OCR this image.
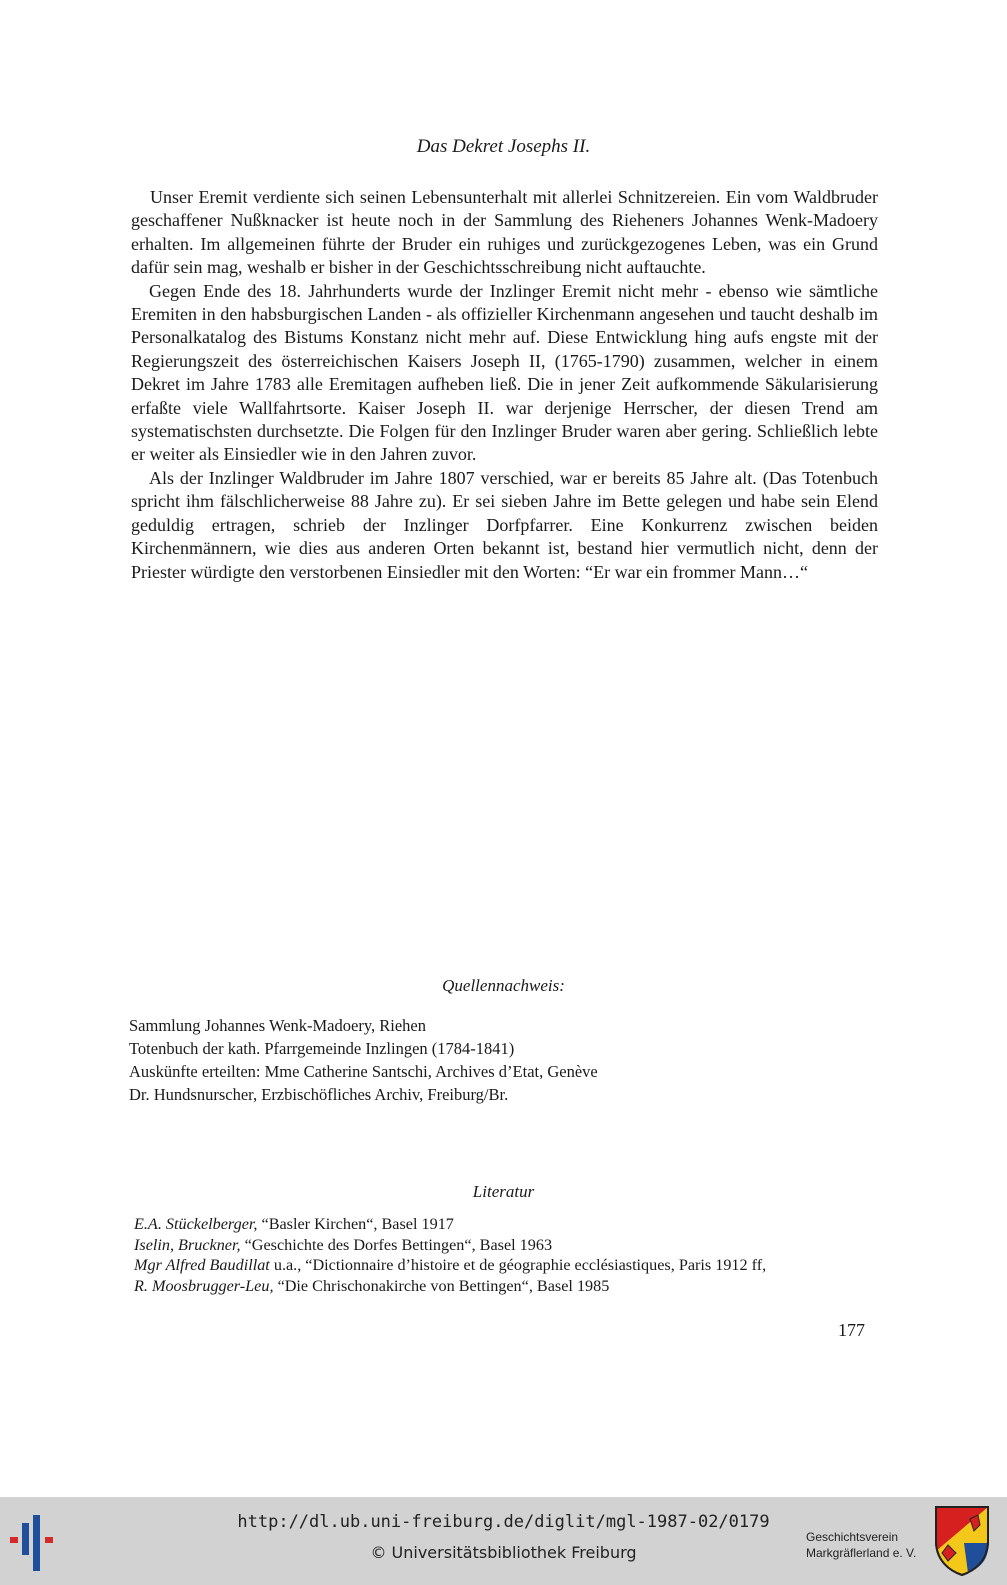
Das Dekret Josephs II.

Unser Eremit verdiente sich seinen Lebensunterhalt mit allerlei Schnitzereien. Ein vom Waldbruder geschaffener Nußknacker ist heute noch in der Sammlung des Rieheners Johannes Wenk-Madoery erhalten. Im allgemeinen führte der Bruder ein ruhiges und zurückgezogenes Leben, was ein Grund dafür sein mag, weshalb er bisher in der Geschichtsschreibung nicht auftauchte.

Gegen Ende des 18. Jahrhunderts wurde der Inzlinger Eremit nicht mehr - ebenso wie sämtliche Eremiten in den habsburgischen Landen - als offizieller Kirchenmann angesehen und taucht deshalb im Personalkatalog des Bistums Konstanz nicht mehr auf. Diese Entwicklung hing aufs engste mit der Regierungszeit des österreichischen Kaisers Joseph II, (1765-1790) zusammen, welcher in einem Dekret im Jahre 1783 alle Eremitagen aufheben ließ. Die in jener Zeit aufkommende Säkularisierung erfaßte viele Wallfahrtsorte. Kaiser Joseph II. war derjenige Herrscher, der diesen Trend am systematischsten durchsetzte. Die Folgen für den Inzlinger Bruder waren aber gering. Schließlich lebte er weiter als Einsiedler wie in den Jahren zuvor.

Als der Inzlinger Waldbruder im Jahre 1807 verschied, war er bereits 85 Jahre alt. (Das Totenbuch spricht ihm fälschlicherweise 88 Jahre zu). Er sei sieben Jahre im Bette gelegen und habe sein Elend geduldig ertragen, schrieb der Inzlinger Dorfpfarrer. Eine Konkurrenz zwischen beiden Kirchenmännern, wie dies aus anderen Orten bekannt ist, bestand hier vermutlich nicht, denn der Priester würdigte den verstorbenen Einsiedler mit den Worten: “Er war ein frommer Mann…“

Quellennachweis:
Sammlung Johannes Wenk-Madoery, Riehen
Totenbuch der kath. Pfarrgemeinde Inzlingen (1784-1841)
Auskünfte erteilten: Mme Catherine Santschi, Archives d’Etat, Genève
Dr. Hundsnurscher, Erzbischöfliches Archiv, Freiburg/Br.
Literatur
E.A. Stückelberger, “Basler Kirchen“, Basel 1917
Iselin, Bruckner, “Geschichte des Dorfes Bettingen“, Basel 1963
Mgr Alfred Baudillat u.a., “Dictionnaire d’histoire et de géographie ecclésiastiques, Paris 1912 ff,
R. Moosbrugger-Leu, “Die Chrischonakirche von Bettingen“, Basel 1985
177
http://dl.ub.uni-freiburg.de/diglit/mgl-1987-02/0179
© Universitätsbibliothek Freiburg
Geschichtsverein
Markgräflerland e. V.
